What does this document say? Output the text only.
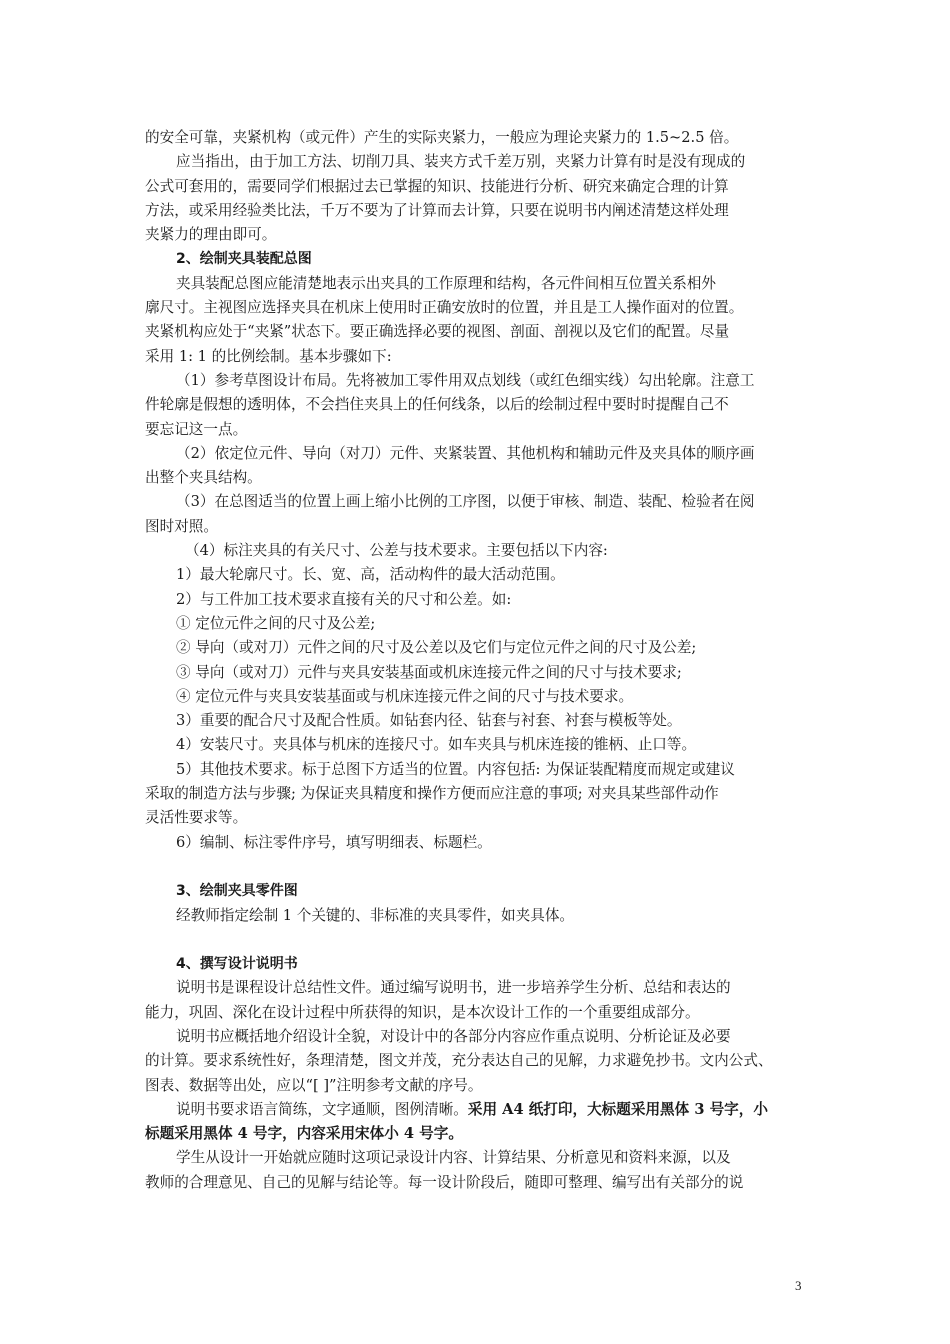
的安全可靠，夹紧机构（或元件）产生的实际夹紧力，一般应为理论夹紧力的 1.5~2.5 倍。
应当指出，由于加工方法、切削刀具、装夹方式千差万别，夹紧力计算有时是没有现成的
公式可套用的，需要同学们根据过去已掌握的知识、技能进行分析、研究来确定合理的计算
方法，或采用经验类比法，千万不要为了计算而去计算，只要在说明书内阐述清楚这样处理
夹紧力的理由即可。
2、绘制夹具装配总图
夹具装配总图应能清楚地表示出夹具的工作原理和结构，各元件间相互位置关系相外
廓尺寸。主视图应选择夹具在机床上使用时正确安放时的位置，并且是工人操作面对的位置。
夹紧机构应处于“夹紧”状态下。要正确选择必要的视图、剖面、剖视以及它们的配置。尽量
采用 1: 1 的比例绘制。基本步骤如下:
（1）参考草图设计布局。先将被加工零件用双点划线（或红色细实线）勾出轮廓。注意工
件轮廓是假想的透明体，不会挡住夹具上的任何线条，以后的绘制过程中要时时提醒自己不
要忘记这一点。
（2）依定位元件、导向（对刀）元件、夹紧装置、其他机构和辅助元件及夹具体的顺序画
出整个夹具结构。
（3）在总图适当的位置上画上缩小比例的工序图，以便于审核、制造、装配、检验者在阅
图时对照。
（4）标注夹具的有关尺寸、公差与技术要求。主要包括以下内容:
1）最大轮廓尺寸。长、宽、高，活动构件的最大活动范围。
2）与工件加工技术要求直接有关的尺寸和公差。如:
① 定位元件之间的尺寸及公差;
② 导向（或对刀）元件之间的尺寸及公差以及它们与定位元件之间的尺寸及公差;
③ 导向（或对刀）元件与夹具安装基面或机床连接元件之间的尺寸与技术要求;
④ 定位元件与夹具安装基面或与机床连接元件之间的尺寸与技术要求。
3）重要的配合尺寸及配合性质。如钻套内径、钻套与衬套、衬套与模板等处。
4）安装尺寸。夹具体与机床的连接尺寸。如车夹具与机床连接的锥柄、止口等。
5）其他技术要求。标于总图下方适当的位置。内容包括: 为保证装配精度而规定或建议
采取的制造方法与步骤; 为保证夹具精度和操作方便而应注意的事项; 对夹具某些部件动作
灵活性要求等。
6）编制、标注零件序号，填写明细表、标题栏。
3、绘制夹具零件图
经教师指定绘制 1 个关键的、非标准的夹具零件，如夹具体。
4、撰写设计说明书
说明书是课程设计总结性文件。通过编写说明书，进一步培养学生分析、总结和表达的
能力，巩固、深化在设计过程中所获得的知识，是本次设计工作的一个重要组成部分。
说明书应概括地介绍设计全貌，对设计中的各部分内容应作重点说明、分析论证及必要
的计算。要求系统性好，条理清楚，图文并茂，充分表达自己的见解，力求避免抄书。文内公式、
图表、数据等出处，应以“[ ]”注明参考文献的序号。
说明书要求语言简练，文字通顺，图例清晰。采用 A4 纸打印，大标题采用黑体 3 号字，小
标题采用黑体 4 号字，内容采用宋体小 4 号字。
学生从设计一开始就应随时这项记录设计内容、计算结果、分析意见和资料来源，以及
教师的合理意见、自己的见解与结论等。每一设计阶段后，随即可整理、编写出有关部分的说
3
